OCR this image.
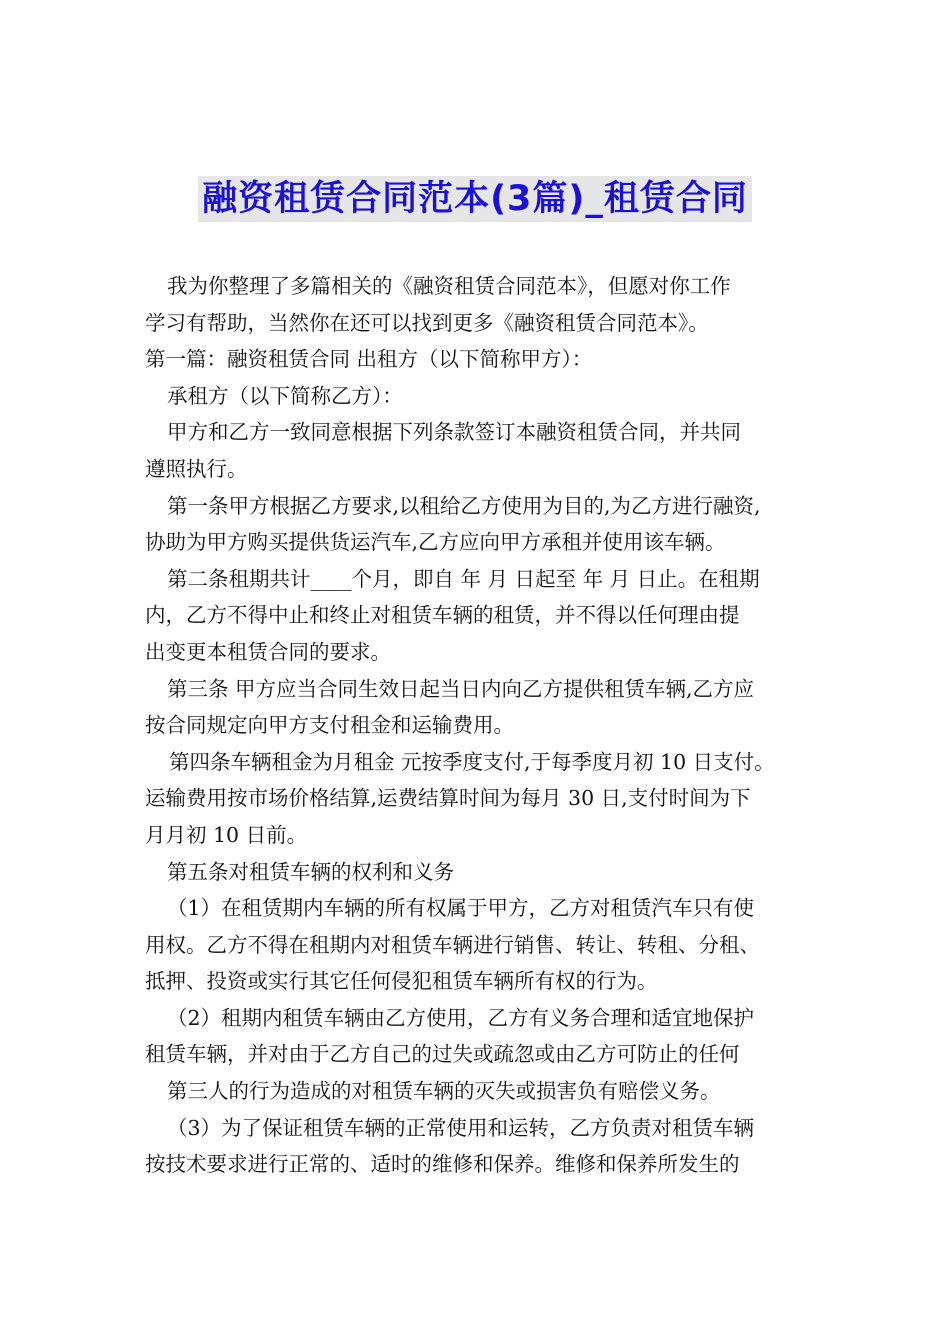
融资租赁合同范本(3篇)_租赁合同

我为你整理了多篇相关的《融资租赁合同范本》，但愿对你工作

学习有帮助，当然你在还可以找到更多《融资租赁合同范本》。

第一篇：融资租赁合同 出租方（以下简称甲方）：

承租方（以下简称乙方）：

甲方和乙方一致同意根据下列条款签订本融资租赁合同，并共同

遵照执行。

第一条甲方根据乙方要求,以租给乙方使用为目的,为乙方进行融资,

协助为甲方购买提供货运汽车,乙方应向甲方承租并使用该车辆。

第二条租期共计____个月，即自 年 月 日起至 年 月 日止。在租期

内，乙方不得中止和终止对租赁车辆的租赁，并不得以任何理由提

出变更本租赁合同的要求。

第三条 甲方应当合同生效日起当日内向乙方提供租赁车辆,乙方应

按合同规定向甲方支付租金和运输费用。

第四条车辆租金为月租金 元按季度支付,于每季度月初 10 日支付。

运输费用按市场价格结算,运费结算时间为每月 30 日,支付时间为下

月月初 10 日前。

第五条对租赁车辆的权利和义务

（1）在租赁期内车辆的所有权属于甲方，乙方对租赁汽车只有使

用权。乙方不得在租期内对租赁车辆进行销售、转让、转租、分租、

抵押、投资或实行其它任何侵犯租赁车辆所有权的行为。

（2）租期内租赁车辆由乙方使用，乙方有义务合理和适宜地保护

租赁车辆，并对由于乙方自己的过失或疏忽或由乙方可防止的任何

第三人的行为造成的对租赁车辆的灭失或损害负有赔偿义务。

（3）为了保证租赁车辆的正常使用和运转，乙方负责对租赁车辆

按技术要求进行正常的、适时的维修和保养。维修和保养所发生的
